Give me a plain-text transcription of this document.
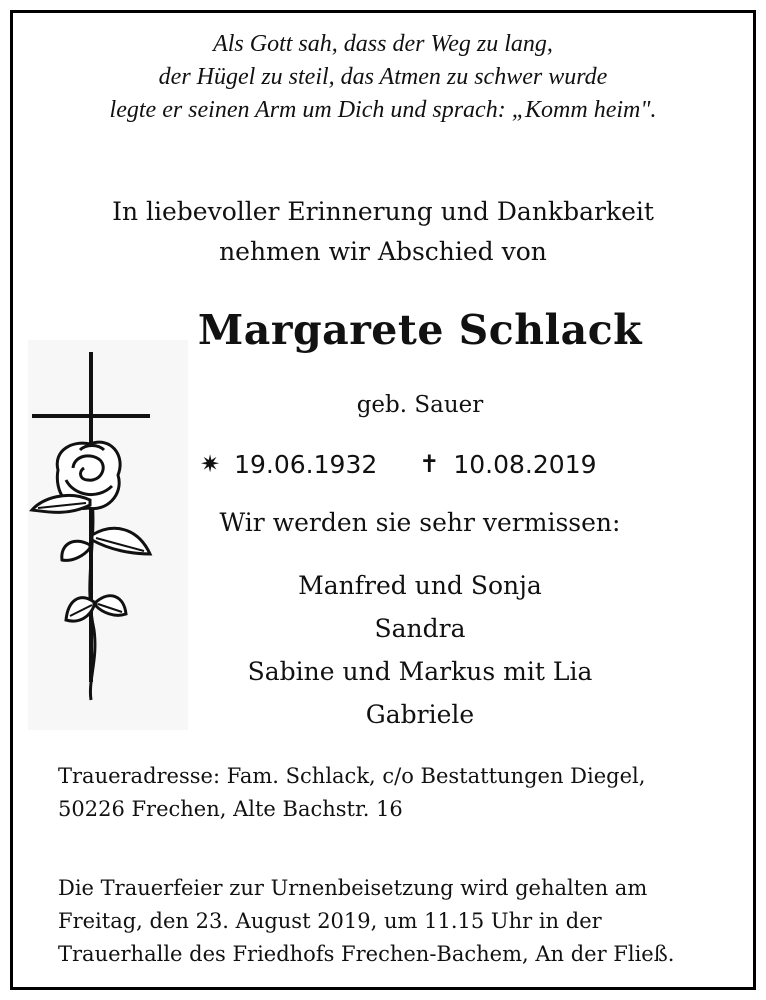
Als Gott sah, dass der Weg zu lang,
der Hügel zu steil, das Atmen zu schwer wurde
legte er seinen Arm um Dich und sprach: „Komm heim".
In liebevoller Erinnerung und Dankbarkeit
nehmen wir Abschied von
Margarete Schlack
geb. Sauer
✷ 19.06.1932 ✝ 10.08.2019
Wir werden sie sehr vermissen:
Manfred und Sonja
Sandra
Sabine und Markus mit Lia
Gabriele
Traueradresse: Fam. Schlack, c/o Bestattungen Diegel,
50226 Frechen, Alte Bachstr. 16
Die Trauerfeier zur Urnenbeisetzung wird gehalten am
Freitag, den 23. August 2019, um 11.15 Uhr in der
Trauerhalle des Friedhofs Frechen-Bachem, An der Fließ.
